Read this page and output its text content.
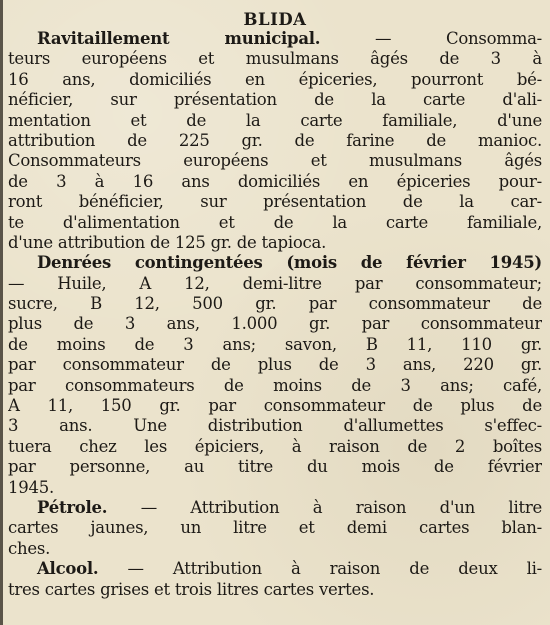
BLIDA
Ravitaillement municipal. — Consomma-
teurs européens et musulmans âgés de 3 à
16 ans, domiciliés en épiceries, pourront bé-
néficier, sur présentation de la carte d'ali-
mentation et de la carte familiale, d'une
attribution de 225 gr. de farine de manioc.
Consommateurs européens et musulmans âgés
de 3 à 16 ans domiciliés en épiceries pour-
ront bénéficier, sur présentation de la car-
te d'alimentation et de la carte familiale,
d'une attribution de 125 gr. de tapioca.
Denrées contingentées (mois de février 1945)
— Huile, A 12, demi-litre par consommateur;
sucre, B 12, 500 gr. par consommateur de
plus de 3 ans, 1.000 gr. par consommateur
de moins de 3 ans; savon, B 11, 110 gr.
par consommateur de plus de 3 ans, 220 gr.
par consommateurs de moins de 3 ans; café,
A 11, 150 gr. par consommateur de plus de
3 ans. Une distribution d'allumettes s'effec-
tuera chez les épiciers, à raison de 2 boîtes
par personne, au titre du mois de février
1945.
Pétrole. — Attribution à raison d'un litre
cartes jaunes, un litre et demi cartes blan-
ches.
Alcool. — Attribution à raison de deux li-
tres cartes grises et trois litres cartes vertes.
